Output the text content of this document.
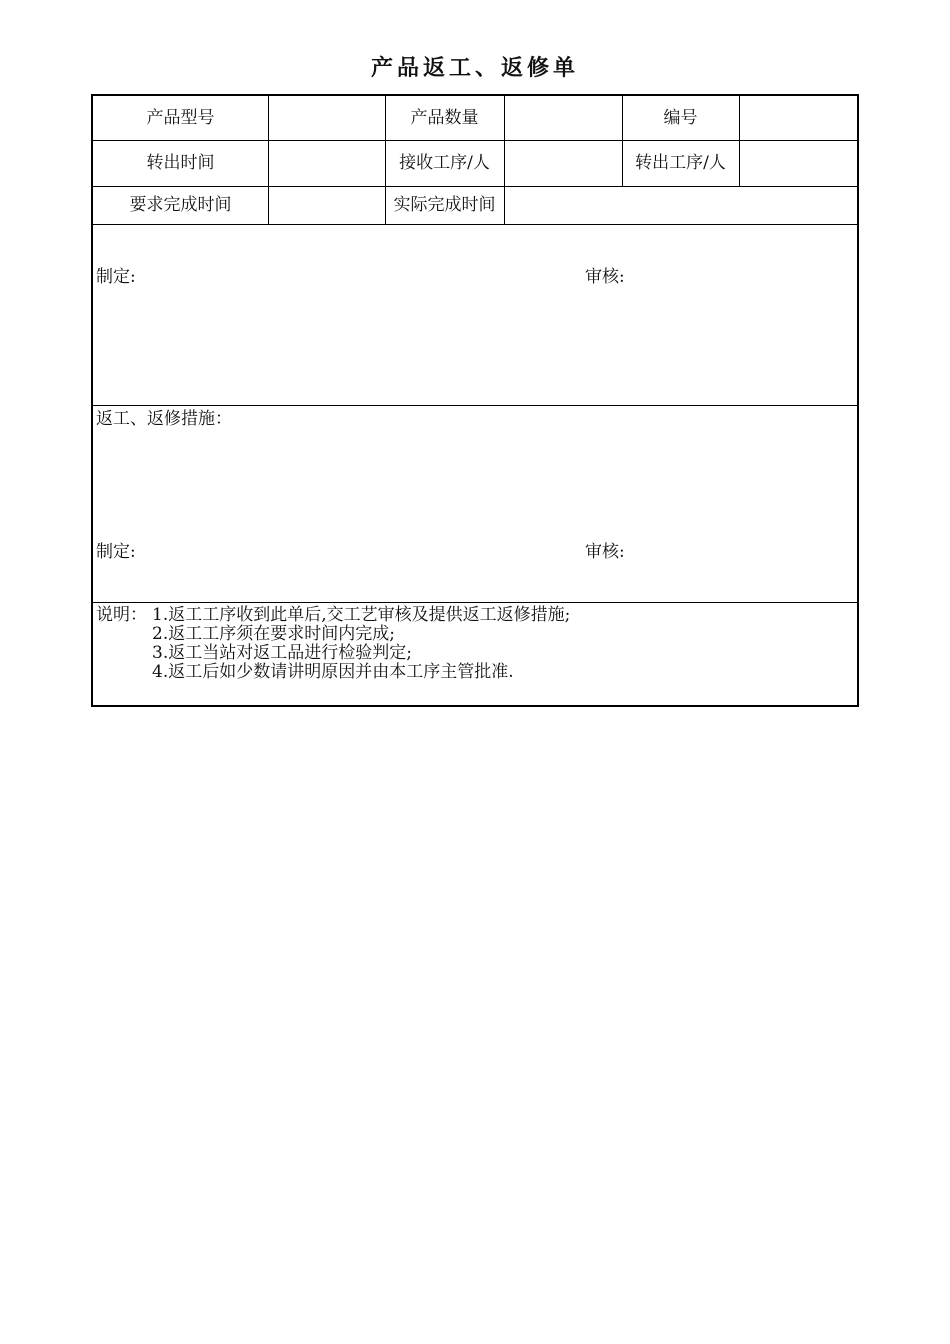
产品返工、返修单
产品型号	产品数量	编号
转出时间	接收工序/人	转出工序/人
要求完成时间	实际完成时间
制定:	审核:
返工、返修措施：
制定:	审核:
说明： 1.返工工序收到此单后,交工艺审核及提供返工返修措施;
2.返工工序须在要求时间内完成;
3.返工当站对返工品进行检验判定;
4.返工后如少数请讲明原因并由本工序主管批准.
